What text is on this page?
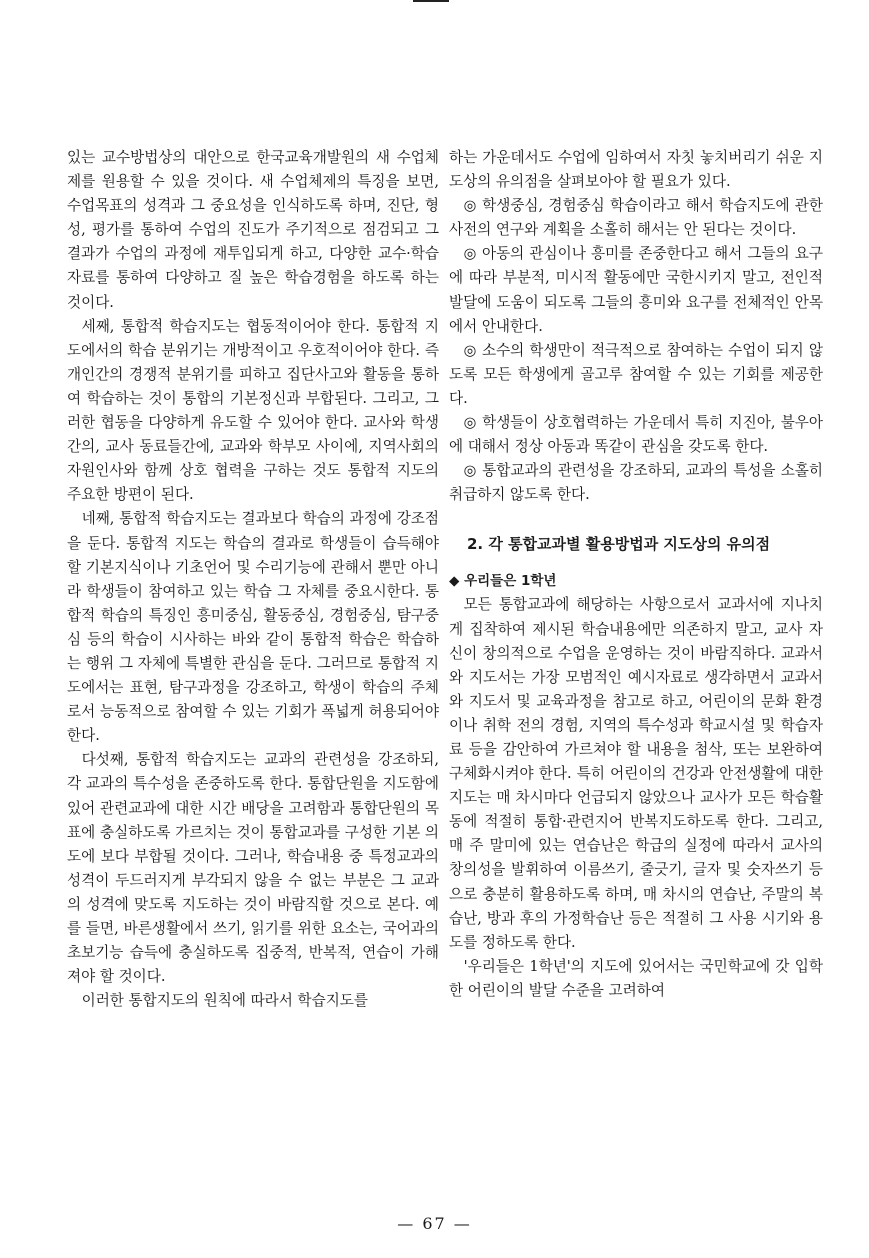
있는 교수방법상의 대안으로 한국교육개발원의 새 수업체제를 원용할 수 있을 것이다. 새 수업체제의 특징을 보면, 수업목표의 성격과 그 중요성을 인식하도록 하며, 진단, 형성, 평가를 통하여 수업의 진도가 주기적으로 점검되고 그 결과가 수업의 과정에 재투입되게 하고, 다양한 교수·학습자료를 통하여 다양하고 질 높은 학습경험을 하도록 하는 것이다.

세째, 통합적 학습지도는 협동적이어야 한다. 통합적 지도에서의 학습 분위기는 개방적이고 우호적이어야 한다. 즉 개인간의 경쟁적 분위기를 피하고 집단사고와 활동을 통하여 학습하는 것이 통합의 기본정신과 부합된다. 그리고, 그러한 협동을 다양하게 유도할 수 있어야 한다. 교사와 학생간의, 교사 동료들간에, 교과와 학부모 사이에, 지역사회의 자원인사와 함께 상호 협력을 구하는 것도 통합적 지도의 주요한 방편이 된다.

네째, 통합적 학습지도는 결과보다 학습의 과정에 강조점을 둔다. 통합적 지도는 학습의 결과로 학생들이 습득해야 할 기본지식이나 기초언어 및 수리기능에 관해서 뿐만 아니라 학생들이 참여하고 있는 학습 그 자체를 중요시한다. 통합적 학습의 특징인 흥미중심, 활동중심, 경험중심, 탐구중심 등의 학습이 시사하는 바와 같이 통합적 학습은 학습하는 행위 그 자체에 특별한 관심을 둔다. 그러므로 통합적 지도에서는 표현, 탐구과정을 강조하고, 학생이 학습의 주체로서 능동적으로 참여할 수 있는 기회가 폭넓게 허용되어야 한다.

다섯째, 통합적 학습지도는 교과의 관련성을 강조하되, 각 교과의 특수성을 존중하도록 한다. 통합단원을 지도함에 있어 관련교과에 대한 시간 배당을 고려함과 통합단원의 목표에 충실하도록 가르치는 것이 통합교과를 구성한 기본 의도에 보다 부합될 것이다. 그러나, 학습내용 중 특정교과의 성격이 두드러지게 부각되지 않을 수 없는 부분은 그 교과의 성격에 맞도록 지도하는 것이 바람직할 것으로 본다. 예를 들면, 바른생활에서 쓰기, 읽기를 위한 요소는, 국어과의 초보기능 습득에 충실하도록 집중적, 반복적, 연습이 가해 져야 할 것이다.

이러한 통합지도의 원칙에 따라서 학습지도를

하는 가운데서도 수업에 임하여서 자칫 놓치버리기 쉬운 지도상의 유의점을 살펴보아야 할 필요가 있다.

◎ 학생중심, 경험중심 학습이라고 해서 학습지도에 관한 사전의 연구와 계획을 소홀히 해서는 안 된다는 것이다.

◎ 아동의 관심이나 흥미를 존중한다고 해서 그들의 요구에 따라 부분적, 미시적 활동에만 국한시키지 말고, 전인적 발달에 도움이 되도록 그들의 흥미와 요구를 전체적인 안목에서 안내한다.

◎ 소수의 학생만이 적극적으로 참여하는 수업이 되지 않도록 모든 학생에게 골고루 참여할 수 있는 기회를 제공한다.

◎ 학생들이 상호협력하는 가운데서 특히 지진아, 불우아에 대해서 정상 아동과 똑같이 관심을 갖도록 한다.

◎ 통합교과의 관련성을 강조하되, 교과의 특성을 소홀히 취급하지 않도록 한다.

2. 각 통합교과별 활용방법과 지도상의 유의점
◆ 우리들은 1학년

모든 통합교과에 해당하는 사항으로서 교과서에 지나치게 집착하여 제시된 학습내용에만 의존하지 말고, 교사 자신이 창의적으로 수업을 운영하는 것이 바람직하다. 교과서와 지도서는 가장 모범적인 예시자료로 생각하면서 교과서와 지도서 및 교육과정을 참고로 하고, 어린이의 문화 환경이나 취학 전의 경험, 지역의 특수성과 학교시설 및 학습자료 등을 감안하여 가르쳐야 할 내용을 첨삭, 또는 보완하여 구체화시켜야 한다. 특히 어린이의 건강과 안전생활에 대한 지도는 매 차시마다 언급되지 않았으나 교사가 모든 학습활동에 적절히 통합·관련지어 반복지도하도록 한다. 그리고, 매 주 말미에 있는 연습난은 학급의 실정에 따라서 교사의 창의성을 발휘하여 이름쓰기, 줄긋기, 글자 및 숫자쓰기 등으로 충분히 활용하도록 하며, 매 차시의 연습난, 주말의 복습난, 방과 후의 가정학습난 등은 적절히 그 사용 시기와 용도를 정하도록 한다.

'우리들은 1학년'의 지도에 있어서는 국민학교에 갓 입학한 어린이의 발달 수준을 고려하여

— 67 —
